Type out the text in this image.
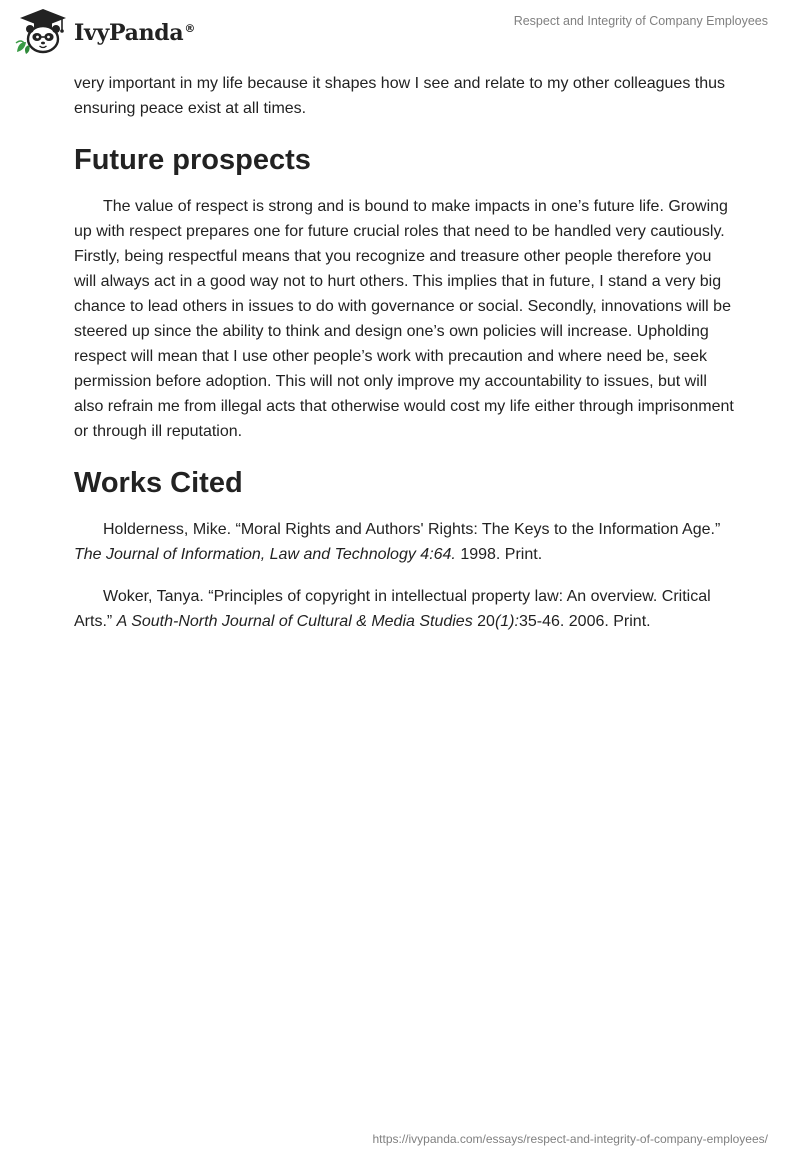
IvyPanda®
Respect and Integrity of Company Employees

very important in my life because it shapes how I see and relate to my other colleagues thus ensuring peace exist at all times.

Future prospects

The value of respect is strong and is bound to make impacts in one’s future life. Growing up with respect prepares one for future crucial roles that need to be handled very cautiously. Firstly, being respectful means that you recognize and treasure other people therefore you will always act in a good way not to hurt others. This implies that in future, I stand a very big chance to lead others in issues to do with governance or social. Secondly, innovations will be steered up since the ability to think and design one’s own policies will increase. Upholding respect will mean that I use other people’s work with precaution and where need be, seek permission before adoption. This will not only improve my accountability to issues, but will also refrain me from illegal acts that otherwise would cost my life either through imprisonment or through ill reputation.

Works Cited

Holderness, Mike. “Moral Rights and Authors' Rights: The Keys to the Information Age.” The Journal of Information, Law and Technology 4:64. 1998. Print.

Woker, Tanya. “Principles of copyright in intellectual property law: An overview. Critical Arts.” A South-North Journal of Cultural & Media Studies 20(1):35-46. 2006. Print.

https://ivypanda.com/essays/respect-and-integrity-of-company-employees/
